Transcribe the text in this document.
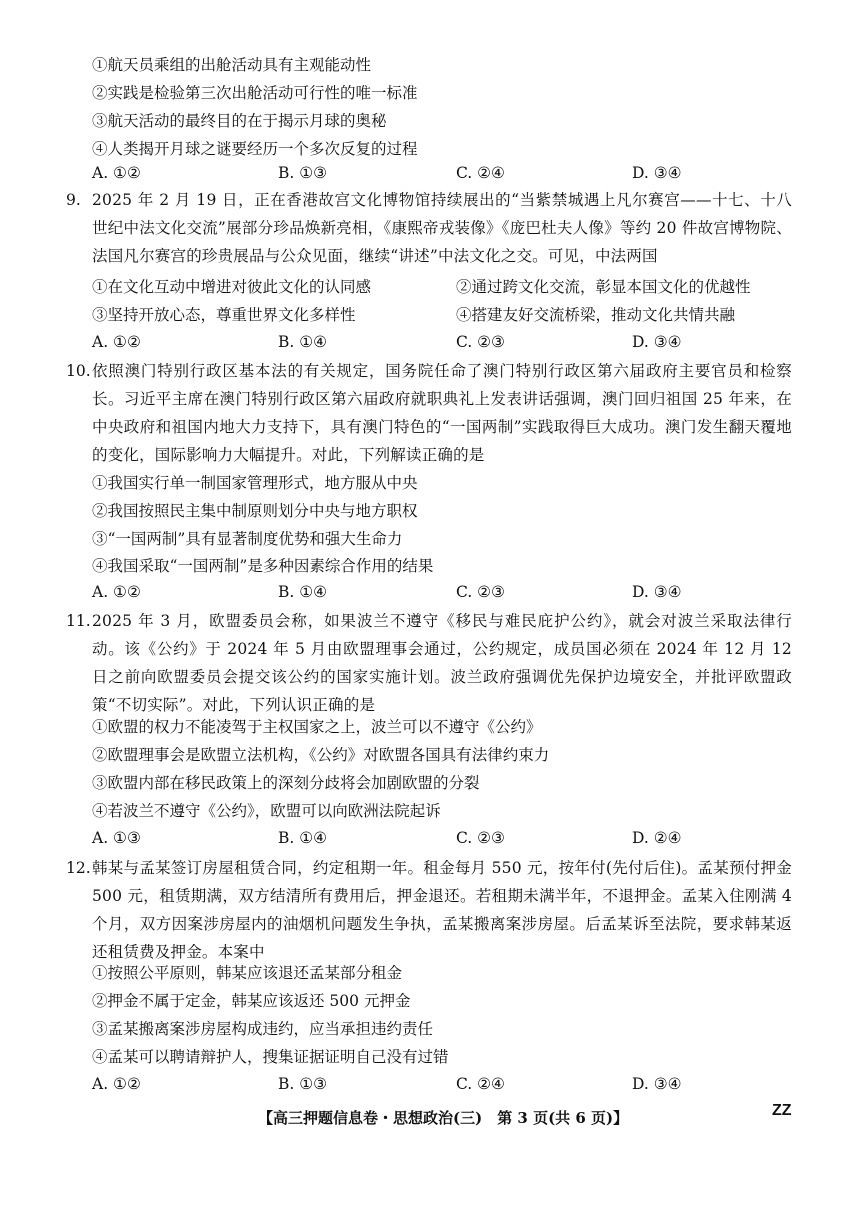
①航天员乘组的出舱活动具有主观能动性
②实践是检验第三次出舱活动可行性的唯一标准
③航天活动的最终目的在于揭示月球的奥秘
④人类揭开月球之谜要经历一个多次反复的过程
A. ①②	B. ①③	C. ②④	D. ③④
9. 2025 年 2 月 19 日，正在香港故宫文化博物馆持续展出的“当紫禁城遇上凡尔赛宫——十七、十八世纪中法文化交流”展部分珍品焕新亮相，《康熙帝戎装像》《庞巴杜夫人像》等约 20 件故宫博物院、法国凡尔赛宫的珍贵展品与公众见面，继续“讲述”中法文化之交。可见，中法两国
①在文化互动中增进对彼此文化的认同感	②通过跨文化交流，彰显本国文化的优越性
③坚持开放心态，尊重世界文化多样性	④搭建友好交流桥梁，推动文化共情共融
A. ①②	B. ①④	C. ②③	D. ③④
10. 依照澳门特别行政区基本法的有关规定，国务院任命了澳门特别行政区第六届政府主要官员和检察长。习近平主席在澳门特别行政区第六届政府就职典礼上发表讲话强调，澳门回归祖国 25 年来，在中央政府和祖国内地大力支持下，具有澳门特色的“一国两制”实践取得巨大成功。澳门发生翻天覆地的变化，国际影响力大幅提升。对此，下列解读正确的是
①我国实行单一制国家管理形式，地方服从中央
②我国按照民主集中制原则划分中央与地方职权
③“一国两制”具有显著制度优势和强大生命力
④我国采取“一国两制”是多种因素综合作用的结果
A. ①②	B. ①④	C. ②③	D. ③④
11. 2025 年 3 月，欧盟委员会称，如果波兰不遵守《移民与难民庇护公约》，就会对波兰采取法律行动。该《公约》于 2024 年 5 月由欧盟理事会通过，公约规定，成员国必须在 2024 年 12 月 12 日之前向欧盟委员会提交该公约的国家实施计划。波兰政府强调优先保护边境安全，并批评欧盟政策“不切实际”。对此，下列认识正确的是
①欧盟的权力不能凌驾于主权国家之上，波兰可以不遵守《公约》
②欧盟理事会是欧盟立法机构，《公约》对欧盟各国具有法律约束力
③欧盟内部在移民政策上的深刻分歧将会加剧欧盟的分裂
④若波兰不遵守《公约》，欧盟可以向欧洲法院起诉
A. ①③	B. ①④	C. ②③	D. ②④
12. 韩某与孟某签订房屋租赁合同，约定租期一年。租金每月 550 元，按年付(先付后住)。孟某预付押金 500 元，租赁期满，双方结清所有费用后，押金退还。若租期未满半年，不退押金。孟某入住刚满 4 个月，双方因案涉房屋内的油烟机问题发生争执，孟某搬离案涉房屋。后孟某诉至法院，要求韩某返还租赁费及押金。本案中
①按照公平原则，韩某应该退还孟某部分租金
②押金不属于定金，韩某应该返还 500 元押金
③孟某搬离案涉房屋构成违约，应当承担违约责任
④孟某可以聘请辩护人，搜集证据证明自己没有过错
A. ①②	B. ①③	C. ②④	D. ③④
【高三押题信息卷・思想政治(三)　第 3 页(共 6 页)】	ZZ
